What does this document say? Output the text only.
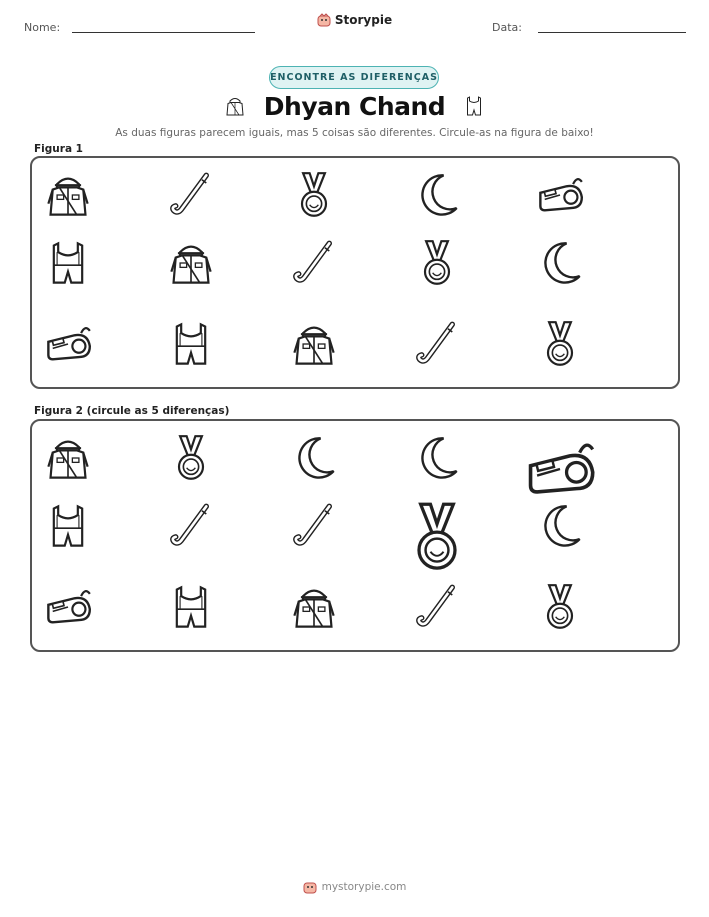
Nome:	Data:
Storypie
ENCONTRE AS DIFERENÇAS
Dhyan Chand
As duas figuras parecem iguais, mas 5 coisas são diferentes. Circule-as na figura de baixo!
Figura 1
Figura 2 (circule as 5 diferenças)
mystorypie.com
